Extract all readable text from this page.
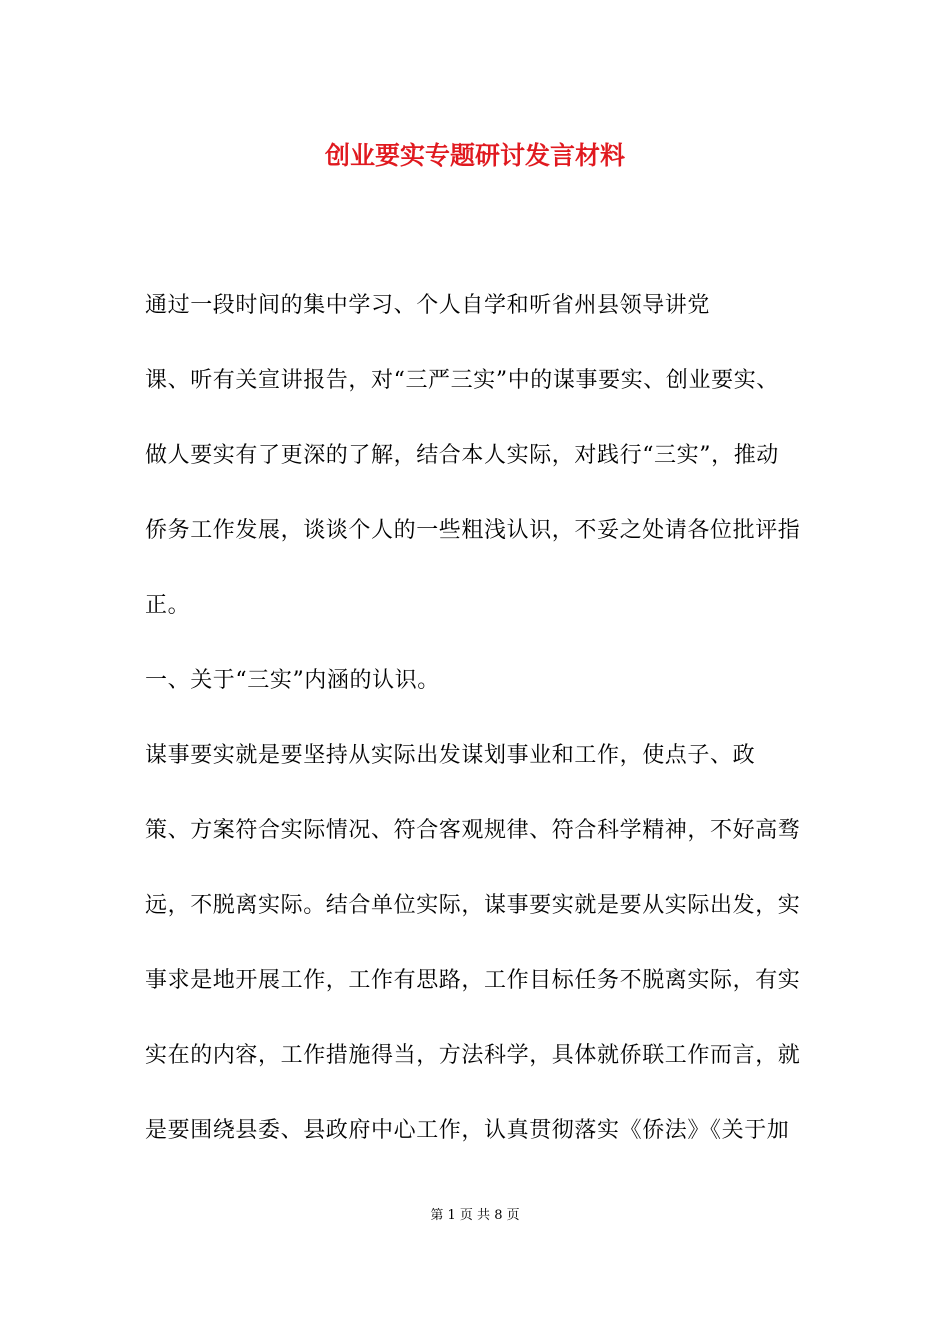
创业要实专题研讨发言材料
通过一段时间的集中学习、个人自学和听省州县领导讲党
课、听有关宣讲报告，对“三严三实”中的谋事要实、创业要实、
做人要实有了更深的了解，结合本人实际，对践行“三实”，推动
侨务工作发展，谈谈个人的一些粗浅认识，不妥之处请各位批评指
正。
一、关于“三实”内涵的认识。
谋事要实就是要坚持从实际出发谋划事业和工作，使点子、政
策、方案符合实际情况、符合客观规律、符合科学精神，不好高骛
远，不脱离实际。结合单位实际，谋事要实就是要从实际出发，实
事求是地开展工作，工作有思路，工作目标任务不脱离实际，有实
实在的内容，工作措施得当，方法科学，具体就侨联工作而言，就
是要围绕县委、县政府中心工作，认真贯彻落实《侨法》《关于加
第 1 页 共 8 页
